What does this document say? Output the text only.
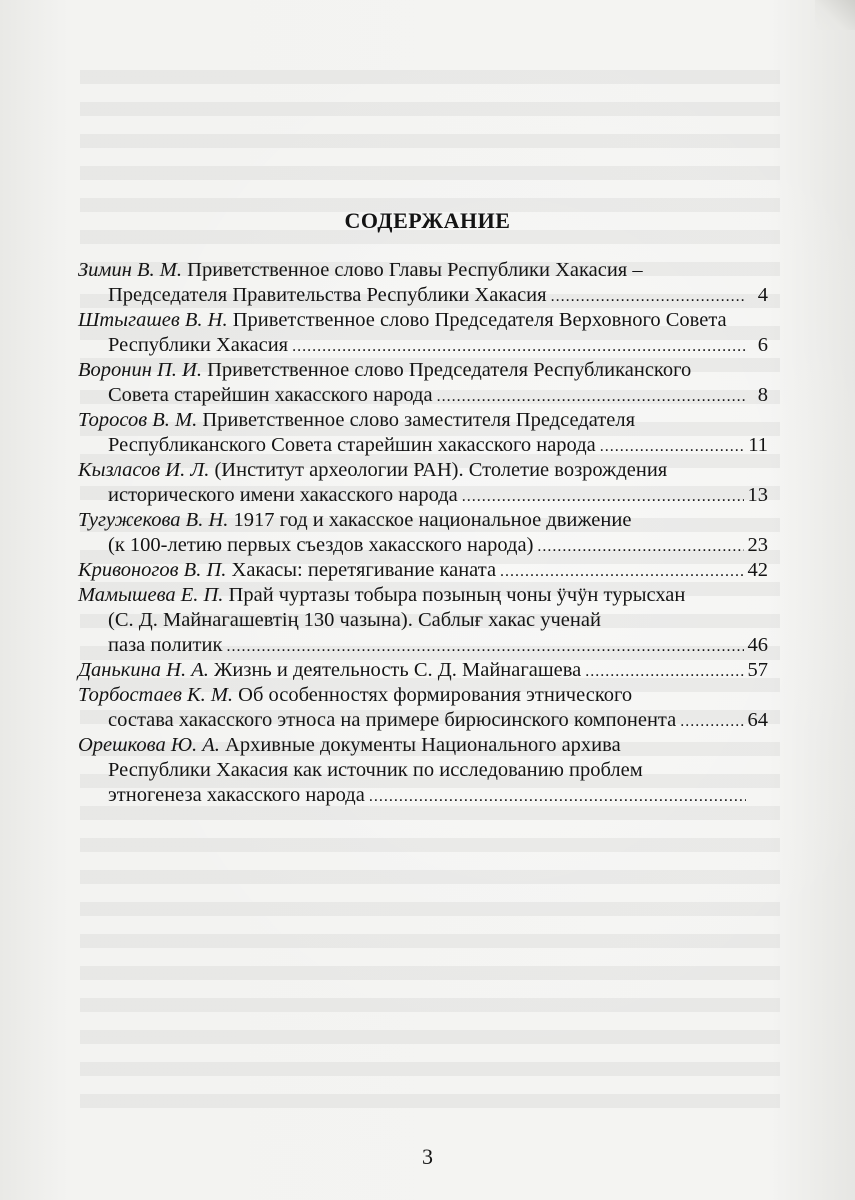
СОДЕРЖАНИЕ
Зимин В. М. Приветственное слово Главы Республики Хакасия –
Председателя Правительства Республики Хакасия .....	4
Штыгашев В. Н. Приветственное слово Председателя Верховного Совета
Республики Хакасия .....	6
Воронин П. И. Приветственное слово Председателя Республиканского
Совета старейшин хакасского народа .....	8
Торосов В. М. Приветственное слово заместителя Председателя
Республиканского Совета старейшин хакасского народа .....	11
Кызласов И. Л. (Институт археологии РАН). Столетие возрождения
исторического имени хакасского народа .....	13
Тугужекова В. Н. 1917 год и хакасское национальное движение
(к 100-летию первых съездов хакасского народа) .....	23
Кривоногов В. П. Хакасы: перетягивание каната .....	42
Мамышева Е. П. Прай чуртазы тобыра позының чоны ӱчӱн турысхан
(С. Д. Майнагашевтiң 130 чазына). Саблығ хакас ученай
паза политик .....	46
Данькина Н. А. Жизнь и деятельность С. Д. Майнагашева .....	57
Торбостаев К. М. Об особенностях формирования этнического
состава хакасского этноса на примере бирюсинского компонента .....	64
Орешкова Ю. А. Архивные документы Национального архива
Республики Хакасия как источник по исследованию проблем
этногенеза хакасского народа
.....
3
